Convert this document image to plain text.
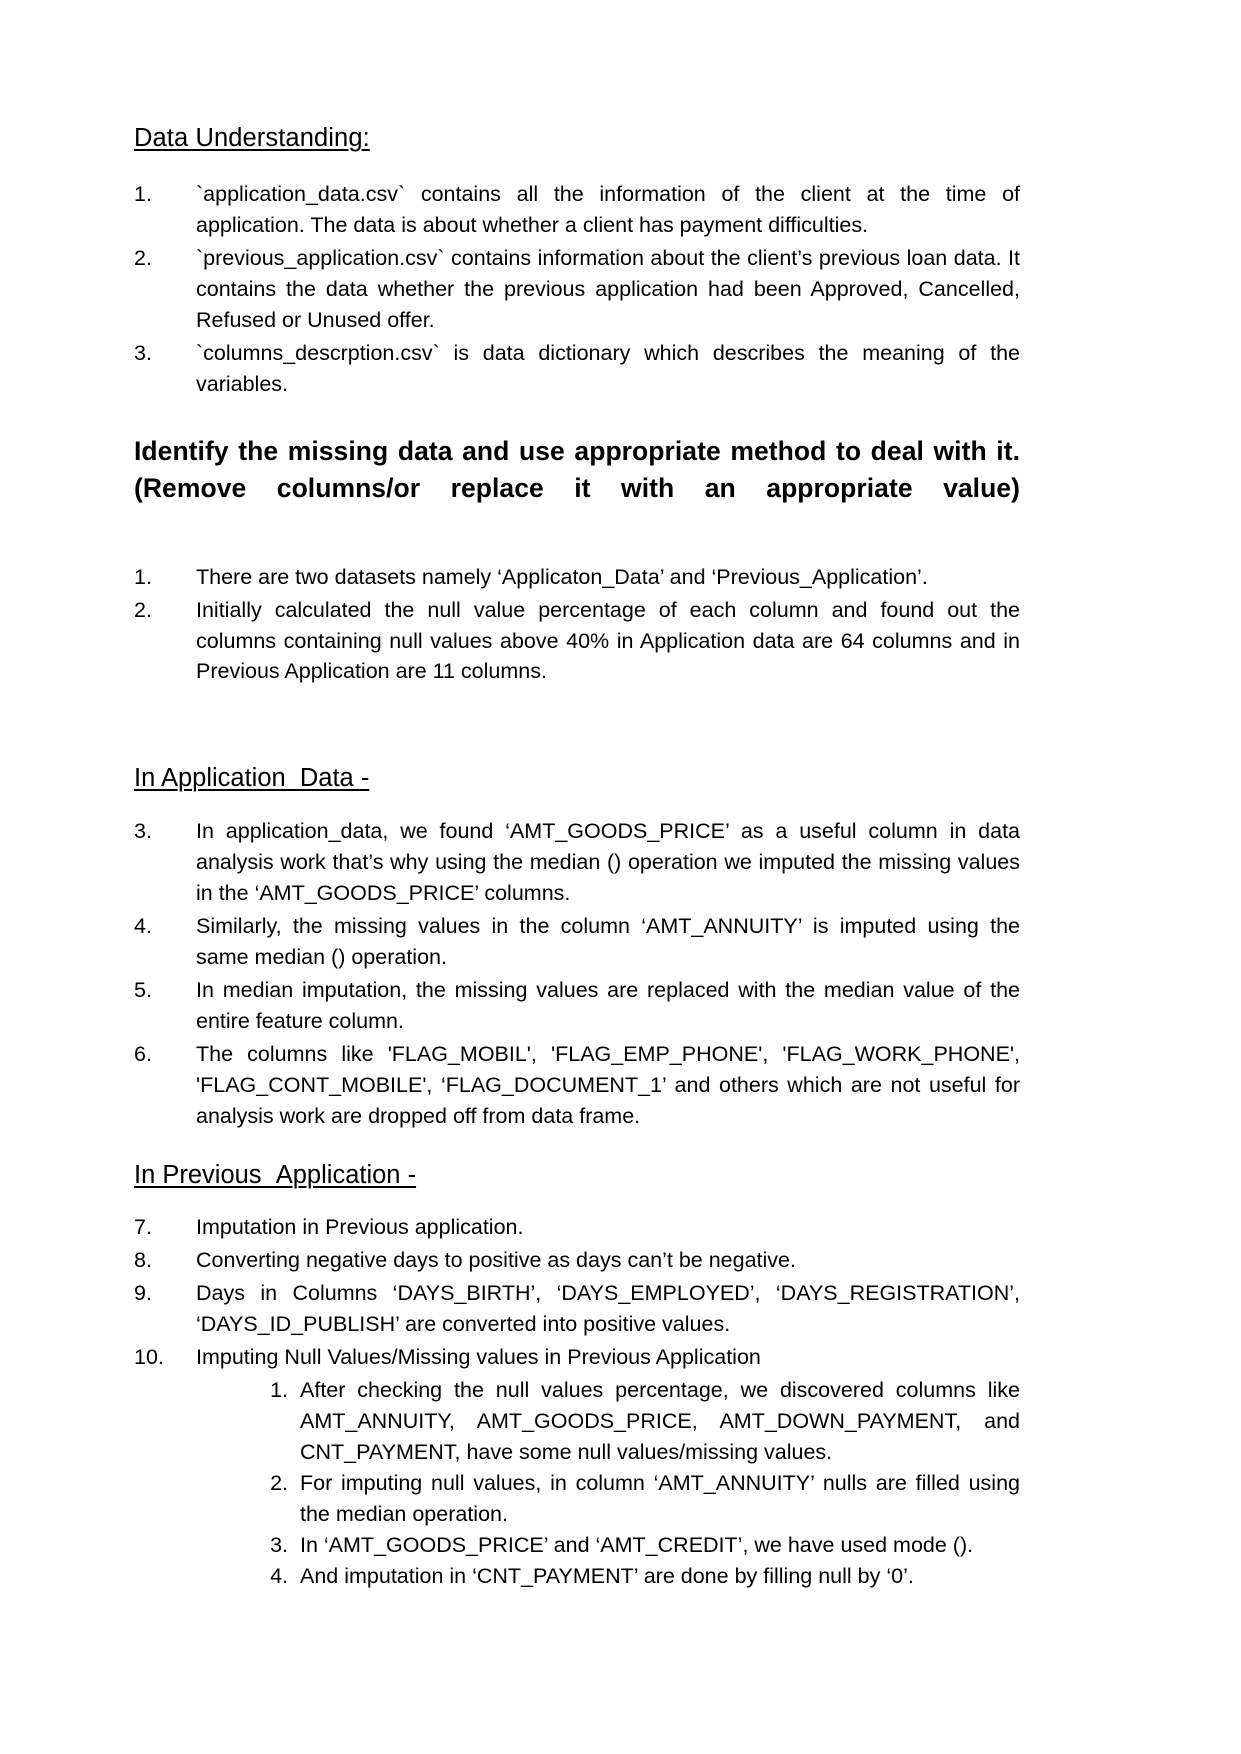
Data Understanding:
1.	`application_data.csv` contains all the information of the client at the time of application. The data is about whether a client has payment difficulties.
2.	`previous_application.csv` contains information about the client’s previous loan data. It contains the data whether the previous application had been Approved, Cancelled, Refused or Unused offer.
3.	`columns_descrption.csv` is data dictionary which describes the meaning of the variables.
Identify the missing data and use appropriate method to deal with it. (Remove columns/or replace it with an appropriate value)
1.	There are two datasets namely ‘Applicaton_Data’ and ‘Previous_Application’.
2.	Initially calculated the null value percentage of each column and found out the columns containing null values above 40% in Application data are 64 columns and in Previous Application are 11 columns.
In Application_Data -
3.	In application_data, we found ‘AMT_GOODS_PRICE’ as a useful column in data analysis work that’s why using the median () operation we imputed the missing values in the ‘AMT_GOODS_PRICE’ columns.
4.	Similarly, the missing values in the column ‘AMT_ANNUITY’ is imputed using the same median () operation.
5.	In median imputation, the missing values are replaced with the median value of the entire feature column.
6.	The columns like 'FLAG_MOBIL', 'FLAG_EMP_PHONE', 'FLAG_WORK_PHONE', 'FLAG_CONT_MOBILE', ‘FLAG_DOCUMENT_1’ and others which are not useful for analysis work are dropped off from data frame.
In Previous_Application -
7.	Imputation in Previous application.
8.	Converting negative days to positive as days can’t be negative.
9.	Days in Columns ‘DAYS_BIRTH’, ‘DAYS_EMPLOYED’, ‘DAYS_REGISTRATION’, ‘DAYS_ID_PUBLISH’ are converted into positive values.
10.	Imputing Null Values/Missing values in Previous Application
1. After checking the null values percentage, we discovered columns like AMT_ANNUITY, AMT_GOODS_PRICE, AMT_DOWN_PAYMENT, and CNT_PAYMENT, have some null values/missing values.
2. For imputing null values, in column ‘AMT_ANNUITY’ nulls are filled using the median operation.
3. In ‘AMT_GOODS_PRICE’ and ‘AMT_CREDIT’, we have used mode ().
4. And imputation in ‘CNT_PAYMENT’ are done by filling null by ‘0’.
